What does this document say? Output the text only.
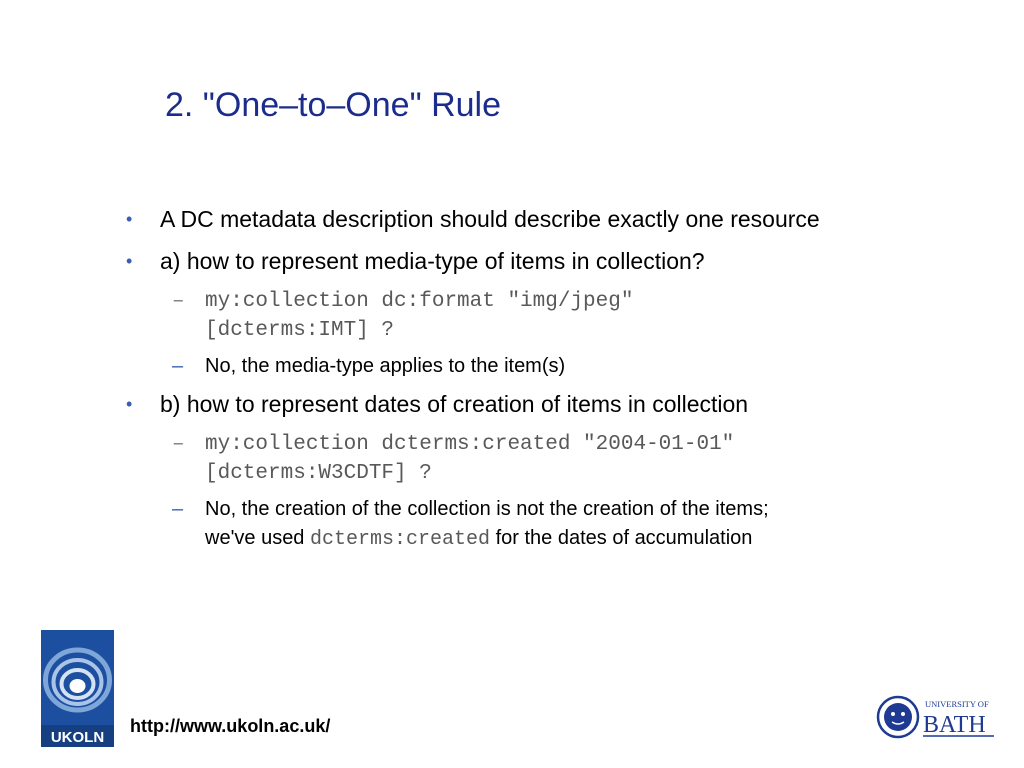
2. "One–to–One" Rule
• A DC metadata description should describe exactly one resource
• a) how to represent media-type of items in collection?
– my:collection dc:format "img/jpeg"
[dcterms:IMT] ?
– No, the media-type applies to the item(s)
• b) how to represent dates of creation of items in collection
– my:collection dcterms:created "2004-01-01"
[dcterms:W3CDTF] ?
– No, the creation of the collection is not the creation of the items;
we've used dcterms:created for the dates of accumulation
UKOLN
http://www.ukoln.ac.uk/
UNIVERSITY OF
BATH
